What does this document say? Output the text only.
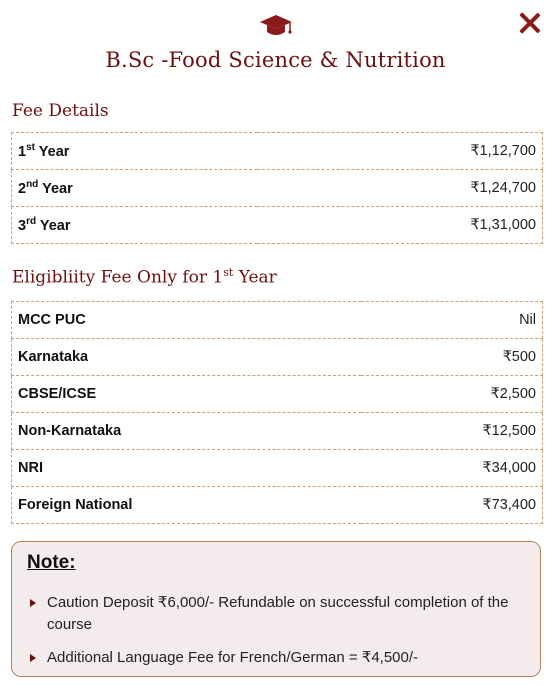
B.Sc -Food Science & Nutrition
Fee Details
1st Year	₹1,12,700
2nd Year	₹1,24,700
3rd Year	₹1,31,000
Eligibliity Fee Only for 1st Year
MCC PUC	Nil
Karnataka	₹500
CBSE/ICSE	₹2,500
Non-Karnataka	₹12,500
NRI	₹34,000
Foreign National	₹73,400
Note:
Caution Deposit ₹6,000/- Refundable on successful completion of the course
Additional Language Fee for French/German = ₹4,500/-
